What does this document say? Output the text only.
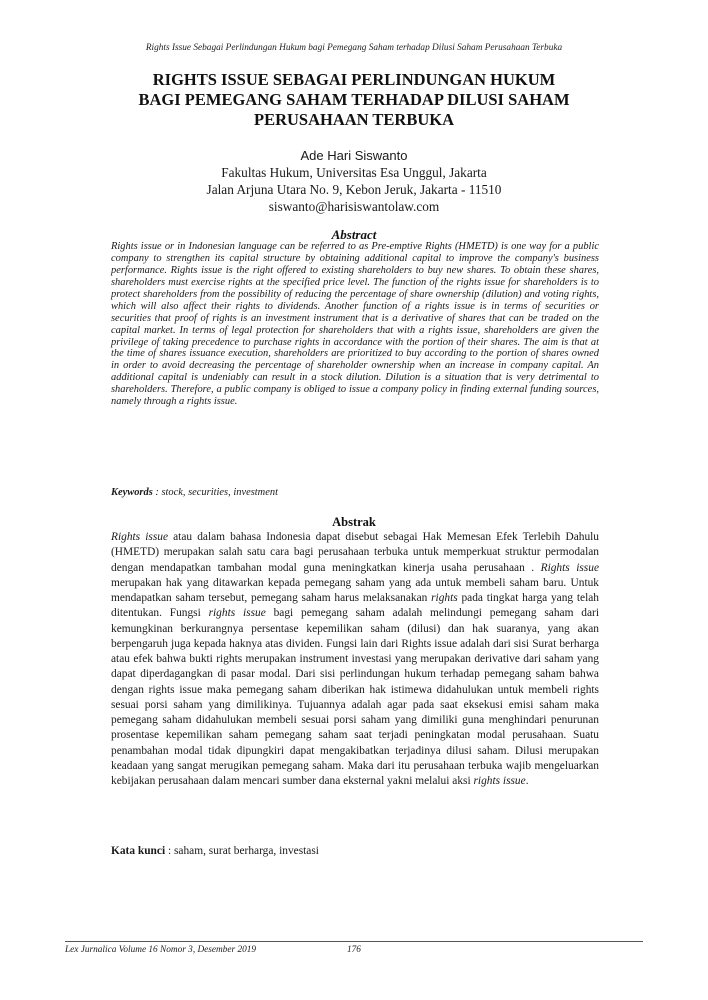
Rights Issue Sebagai Perlindungan Hukum bagi Pemegang Saham terhadap Dilusi Saham Perusahaan Terbuka
RIGHTS ISSUE SEBAGAI PERLINDUNGAN HUKUM
BAGI PEMEGANG SAHAM TERHADAP DILUSI SAHAM
PERUSAHAAN TERBUKA
Ade Hari Siswanto
Fakultas Hukum, Universitas Esa Unggul, Jakarta
Jalan Arjuna Utara No. 9, Kebon Jeruk, Jakarta - 11510
siswanto@harisiswantolaw.com
Abstract

Rights issue or in Indonesian language can be referred to as Pre-emptive Rights (HMETD) is one way for a public company to strengthen its capital structure by obtaining additional capital to improve the company's business performance. Rights issue is the right offered to existing shareholders to buy new shares. To obtain these shares, shareholders must exercise rights at the specified price level. The function of the rights issue for shareholders is to protect shareholders from the possibility of reducing the percentage of share ownership (dilution) and voting rights, which will also affect their rights to dividends. Another function of a rights issue is in terms of securities or securities that proof of rights is an investment instrument that is a derivative of shares that can be traded on the capital market. In terms of legal protection for shareholders that with a rights issue, shareholders are given the privilege of taking precedence to purchase rights in accordance with the portion of their shares. The aim is that at the time of shares issuance execution, shareholders are prioritized to buy according to the portion of shares owned in order to avoid decreasing the percentage of shareholder ownership when an increase in company capital. An additional capital is undeniably can result in a stock dilution. Dilution is a situation that is very detrimental to shareholders. Therefore, a public company is obliged to issue a company policy in finding external funding sources, namely through a rights issue.

Keywords : stock, securities, investment
Abstrak

Rights issue atau dalam bahasa Indonesia dapat disebut sebagai Hak Memesan Efek Terlebih Dahulu (HMETD) merupakan salah satu cara bagi perusahaan terbuka untuk memperkuat struktur permodalan dengan mendapatkan tambahan modal guna meningkatkan kinerja usaha perusahaan . Rights issue merupakan hak yang ditawarkan kepada pemegang saham yang ada untuk membeli saham baru. Untuk mendapatkan saham tersebut, pemegang saham harus melaksanakan rights pada tingkat harga yang telah ditentukan. Fungsi rights issue bagi pemegang saham adalah melindungi pemegang saham dari kemungkinan berkurangnya persentase kepemilikan saham (dilusi) dan hak suaranya, yang akan berpengaruh juga kepada haknya atas dividen. Fungsi lain dari Rights issue adalah dari sisi Surat berharga atau efek bahwa bukti rights merupakan instrument investasi yang merupakan derivative dari saham yang dapat diperdagangkan di pasar modal. Dari sisi perlindungan hukum terhadap pemegang saham bahwa dengan rights issue maka pemegang saham diberikan hak istimewa didahulukan untuk membeli rights sesuai porsi saham yang dimilikinya. Tujuannya adalah agar pada saat eksekusi emisi saham maka pemegang saham didahulukan membeli sesuai porsi saham yang dimiliki guna menghindari penurunan prosentase kepemilikan saham pemegang saham saat terjadi peningkatan modal perusahaan. Suatu penambahan modal tidak dipungkiri dapat mengakibatkan terjadinya dilusi saham. Dilusi merupakan keadaan yang sangat merugikan pemegang saham. Maka dari itu perusahaan terbuka wajib mengeluarkan kebijakan perusahaan dalam mencari sumber dana eksternal yakni melalui aksi rights issue.

Kata kunci : saham, surat berharga, investasi
Lex Jurnalica Volume 16 Nomor 3, Desember 2019	176
